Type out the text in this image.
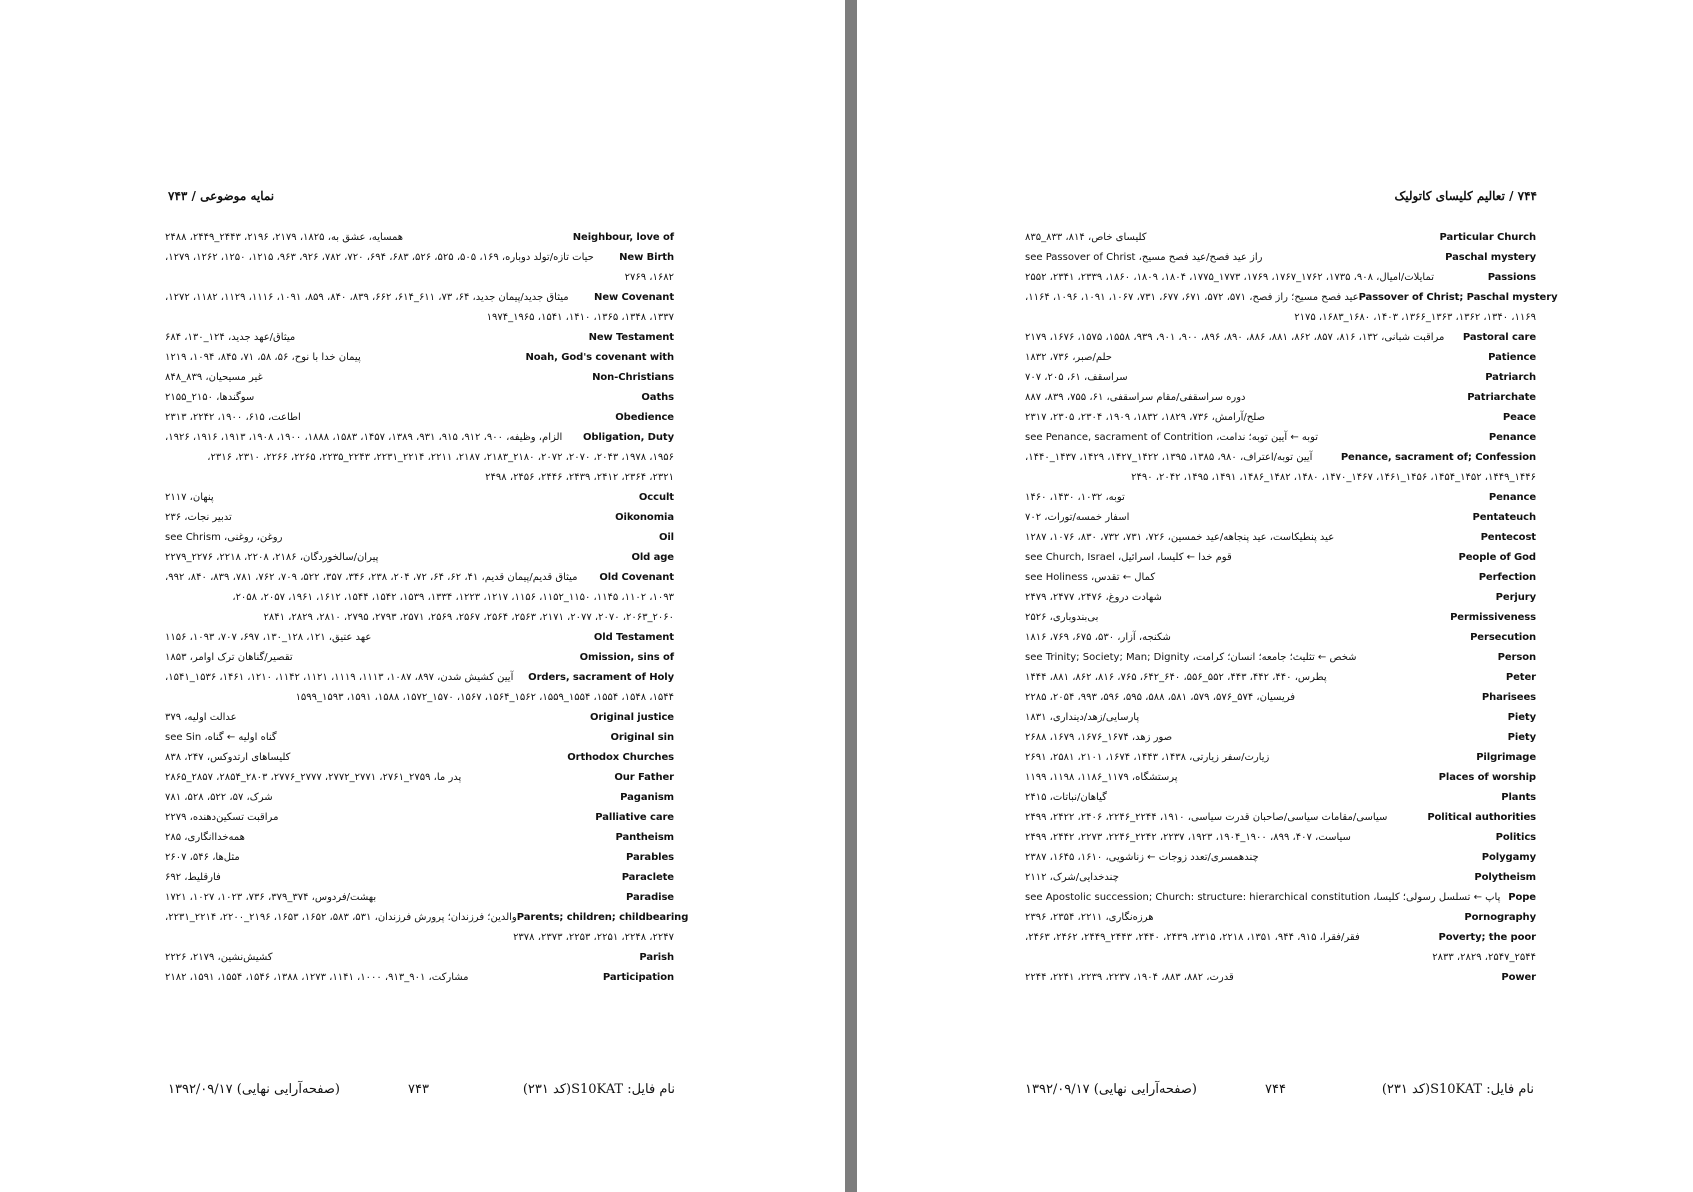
نمایه موضوعی / ۷۴۳
همسایه، عشق به، ۱۸۲۵، ۲۱۷۹، ۲۱۹۶، ۲۴۴۳_۲۴۴۹، ۲۴۸۸	Neighbour, love of
حیات تازه/تولد دوباره، ۱۶۹، ۵۰۵، ۵۲۵، ۵۲۶، ۶۸۳، ۶۹۴، ۷۲۰، ۷۸۲، ۹۲۶، ۹۶۳، ۱۲۱۵، ۱۲۵۰، ۱۲۶۲، ۱۲۷۹،	New Birth
۱۶۸۲، ۲۷۶۹
میثاق جدید/پیمان جدید، ۶۴، ۷۳، ۶۱۱_۶۱۴، ۶۶۲، ۸۳۹، ۸۴۰، ۸۵۹، ۱۰۹۱، ۱۱۱۶، ۱۱۲۹، ۱۱۸۲، ۱۲۷۲،	New Covenant
۱۳۳۷، ۱۳۴۸، ۱۳۶۵، ۱۴۱۰، ۱۵۴۱، ۱۹۶۵_۱۹۷۴
میثاق/عهد جدید، ۱۲۴_۱۳۰، ۶۸۴	New Testament
پیمان خدا با نوح، ۵۶، ۵۸، ۷۱، ۸۴۵، ۱۰۹۴، ۱۲۱۹	Noah, God's covenant with
غیر مسیحیان، ۸۳۹_۸۴۸	Non-Christians
سوگندها، ۲۱۵۰_۲۱۵۵	Oaths
اطاعت، ۶۱۵، ۱۹۰۰، ۲۲۴۲، ۲۳۱۳	Obedience
الزام، وظیفه، ۹۰۰، ۹۱۲، ۹۱۵، ۹۳۱، ۱۳۸۹، ۱۴۵۷، ۱۵۸۳، ۱۸۸۸، ۱۹۰۰، ۱۹۰۸، ۱۹۱۳، ۱۹۱۶، ۱۹۲۶، Obligation, Duty
۱۹۵۶، ۱۹۷۸، ۲۰۴۳، ۲۰۷۰، ۲۰۷۲، ۲۱۸۰_۲۱۸۳، ۲۱۸۷، ۲۲۱۱، ۲۲۱۴_۲۲۳۱، ۲۲۴۳_۲۲۳۵، ۲۲۶۵، ۲۲۶۶، ۲۳۱۰، ۲۳۱۶،
۲۳۲۱، ۲۳۶۴، ۲۴۱۲، ۲۴۳۹، ۲۴۴۶، ۲۴۵۶، ۲۴۹۸
پنهان، ۲۱۱۷	Occult
تدبیر نجات، ۲۳۶	Oikonomia
روغن، روغنی، see Chrism	Oil
پیران/سالخوردگان، ۲۱۸۶، ۲۲۰۸، ۲۲۱۸، ۲۲۷۶_۲۲۷۹	Old age
میثاق قدیم/پیمان قدیم، ۴۱، ۶۲، ۶۴، ۷۲، ۲۰۴، ۲۳۸، ۳۴۶، ۳۵۷، ۵۲۲، ۷۰۹، ۷۶۲، ۷۸۱، ۸۳۹، ۸۴۰، ۹۹۲، Old Covenant
۱۰۹۳، ۱۱۰۲، ۱۱۴۵، ۱۱۵۰_۱۱۵۲، ۱۱۵۶، ۱۲۱۷، ۱۲۲۳، ۱۳۳۴، ۱۵۳۹، ۱۵۴۲، ۱۵۴۴، ۱۶۱۲، ۱۹۶۱، ۲۰۵۷، ۲۰۵۸،
۲۰۶۰_۲۰۶۳، ۲۰۷۰، ۲۰۷۷، ۲۱۷۱، ۲۵۶۳، ۲۵۶۴، ۲۵۶۷، ۲۵۶۹، ۲۵۷۱، ۲۷۹۳، ۲۷۹۵، ۲۸۱۰، ۲۸۲۹، ۲۸۴۱
عهد عتیق، ۱۲۱، ۱۲۸_۱۳۰، ۶۹۷، ۷۰۷، ۱۰۹۳، ۱۱۵۶	Old Testament
تقصیر/گناهان ترک اوامر، ۱۸۵۳	Omission, sins of
آیین کشیش شدن، ۸۹۷، ۱۰۸۷، ۱۱۱۳، ۱۱۱۹، ۱۱۲۱، ۱۱۴۲، ۱۲۱۰، ۱۴۶۱، ۱۵۳۶_۱۵۴۱، Orders, sacrament of Holy
۱۵۴۴، ۱۵۴۸، ۱۵۵۴، ۱۵۵۴_۱۵۵۹، ۱۵۶۲_۱۵۶۴، ۱۵۶۷، ۱۵۷۰_۱۵۷۲، ۱۵۸۸، ۱۵۹۱، ۱۵۹۳_۱۵۹۹
عدالت اولیه، ۳۷۹	Original justice
گناه اولیه ← گناه، see Sin	Original sin
کلیساهای ارتدوکس، ۲۴۷، ۸۳۸	Orthodox Churches
پدر ما، ۲۷۵۹_۲۷۶۱، ۲۷۷۱_۲۷۷۲، ۲۷۷۷_۲۷۷۶، ۲۸۰۳_۲۸۵۴، ۲۸۵۷_۲۸۶۵	Our Father
شرک، ۵۷، ۵۲۲، ۵۲۸، ۷۸۱	Paganism
مراقبت تسکین‌دهنده، ۲۲۷۹	Palliative care
همه‌خداانگاری، ۲۸۵	Pantheism
مثل‌ها، ۵۴۶، ۲۶۰۷	Parables
فارقلیط، ۶۹۲	Paraclete
بهشت/فردوس، ۳۷۴_۳۷۹، ۷۳۶، ۱۰۲۳، ۱۰۲۷، ۱۷۲۱	Paradise
والدین؛ فرزندان؛ پرورش فرزندان، ۵۳۱، ۵۸۳، ۱۶۵۲، ۱۶۵۳، ۲۱۹۶_۲۲۰۰، ۲۲۱۴_۲۲۳۱، Parents; children; childbearing
۲۲۴۷، ۲۲۴۸، ۲۲۵۱، ۲۲۵۳، ۲۳۷۳، ۲۳۷۸
کشیش‌نشین، ۲۱۷۹، ۲۲۲۶	Parish
مشارکت، ۹۰۱_۹۱۳، ۱۰۰۰، ۱۱۴۱، ۱۲۷۳، ۱۳۸۸، ۱۵۴۶، ۱۵۵۴، ۱۵۹۱، ۲۱۸۲	Participation
نام فایل: S10KAT(کد ۲۳۱)
۷۴۳
(صفحه‌آرایی نهایی) ۱۳۹۲/۰۹/۱۷
۷۴۴ / تعالیم کلیسای کاتولیک
کلیسای خاص، ۸۱۴، ۸۳۳_۸۳۵	Particular Church
راز عید فصح/عید فصح مسیح، see Passover of Christ	Paschal mystery
تمایلات/امیال، ۹۰۸، ۱۷۳۵، ۱۷۶۲_۱۷۶۷، ۱۷۶۹، ۱۷۷۳_۱۷۷۵، ۱۸۰۴، ۱۸۰۹، ۱۸۶۰، ۲۳۳۹، ۲۳۴۱، ۲۵۵۲	Passions
عید فصح مسیح؛ راز فصح، ۵۷۱، ۵۷۲، ۶۷۱، ۶۷۷، ۷۳۱، ۱۰۶۷، ۱۰۹۱، ۱۰۹۶، ۱۱۶۴، Passover of Christ; Paschal mystery
۱۱۶۹، ۱۳۴۰، ۱۳۶۲، ۱۳۶۳_۱۳۶۶، ۱۴۰۳، ۱۶۸۰_۱۶۸۳، ۲۱۷۵
مراقبت شبانی، ۱۳۲، ۸۱۶، ۸۵۷، ۸۶۲، ۸۸۱، ۸۸۶، ۸۹۰، ۸۹۶، ۹۰۰، ۹۰۱، ۹۳۹، ۱۵۵۸، ۱۵۷۵، ۱۶۷۶، ۲۱۷۹ Pastoral care
حلم/صبر، ۷۳۶، ۱۸۳۲	Patience
سراسقف، ۶۱، ۲۰۵، ۷۰۷	Patriarch
دوره سراسقفی/مقام سراسقفی، ۶۱، ۷۵۵، ۸۳۹، ۸۸۷	Patriarchate
صلح/آرامش، ۷۳۶، ۱۸۲۹، ۱۸۳۲، ۱۹۰۹، ۲۳۰۴، ۲۳۰۵، ۲۳۱۷	Peace
توبه ← آیین توبه؛ ندامت، see Penance, sacrament of Contrition	Penance
آیین توبه/اعتراف، ۹۸۰، ۱۳۸۵، ۱۳۹۵، ۱۴۲۲_۱۴۲۷، ۱۴۲۹، ۱۴۳۷_۱۴۴۰،	Penance, sacrament of; Confession
۱۴۴۶_۱۴۴۹، ۱۴۵۲_۱۴۵۴، ۱۴۵۶_۱۴۶۱، ۱۴۶۷_۱۴۷۰، ۱۴۸۰، ۱۴۸۲_۱۴۸۶، ۱۴۹۱، ۱۴۹۵، ۲۰۴۲، ۲۴۹۰
توبه، ۱۰۳۲، ۱۴۳۰، ۱۴۶۰	Penance
اسفار خمسه/تورات، ۷۰۲	Pentateuch
عید پنطیکاست، عید پنجاهه/عید خمسین، ۷۲۶، ۷۳۱، ۷۳۲، ۸۳۰، ۱۰۷۶، ۱۲۸۷	Pentecost
قوم خدا ← کلیسا، اسرائیل، see Church, Israel	People of God
کمال ← تقدس، see Holiness	Perfection
شهادت دروغ، ۲۴۷۶، ۲۴۷۷، ۲۴۷۹	Perjury
بی‌بندوباری، ۲۵۲۶	Permissiveness
شکنجه، آزار، ۵۳۰، ۶۷۵، ۷۶۹، ۱۸۱۶	Persecution
شخص ← تثلیث؛ جامعه؛ انسان؛ کرامت، see Trinity; Society; Man; Dignity	Person
پطرس، ۴۴۰، ۴۴۲، ۴۴۳، ۵۵۲_۵۵۶، ۶۴۰_۶۴۲، ۷۶۵، ۸۱۶، ۸۶۲، ۸۸۱، ۱۴۴۴	Peter
فریسیان، ۵۷۴_۵۷۶، ۵۷۹، ۵۸۱، ۵۸۸، ۵۹۵، ۵۹۶، ۹۹۳، ۲۰۵۴، ۲۲۸۵	Pharisees
پارسایی/زهد/دینداری، ۱۸۳۱	Piety
صور زهد، ۱۶۷۴_۱۶۷۶، ۱۶۷۹، ۲۶۸۸	Piety
زیارت/سفر زیارتی، ۱۴۳۸، ۱۴۴۳، ۱۶۷۴، ۲۱۰۱، ۲۵۸۱، ۲۶۹۱	Pilgrimage
پرستشگاه، ۱۱۷۹_۱۱۸۶، ۱۱۹۸، ۱۱۹۹	Places of worship
گیاهان/نباتات، ۲۴۱۵	Plants
سیاسی/مقامات سیاسی/صاحبان قدرت سیاسی، ۱۹۱۰، ۲۲۴۴_۲۲۴۶، ۲۴۰۶، ۲۴۲۲، ۲۴۹۹	Political authorities
سیاست، ۴۰۷، ۸۹۹، ۱۹۰۰_۱۹۰۴، ۱۹۲۳، ۲۲۳۷، ۲۲۴۲_۲۲۴۶، ۲۲۷۳، ۲۴۴۲، ۲۴۹۹	Politics
چندهمسری/تعدد زوجات ← زناشویی، ۱۶۱۰، ۱۶۴۵، ۲۳۸۷	Polygamy
چندخدایی/شرک، ۲۱۱۲	Polytheism
پاپ ← تسلسل رسولی؛ کلیسا، see Apostolic succession; Church: structure: hierarchical constitution Pope
هرزه‌نگاری، ۲۲۱۱، ۲۳۵۴، ۲۳۹۶	Pornography
فقر/فقرا، ۹۱۵، ۹۴۴، ۱۳۵۱، ۲۲۱۸، ۲۳۱۵، ۲۴۳۹، ۲۴۴۰، ۲۴۴۳_۲۴۴۹، ۲۴۶۲، ۲۴۶۳،	Poverty; the poor
۲۵۴۴_۲۵۴۷، ۲۸۲۹، ۲۸۳۳
قدرت، ۸۸۲، ۸۸۳، ۱۹۰۴، ۲۲۳۷، ۲۲۳۹، ۲۲۴۱، ۲۲۴۴	Power
نام فایل: S10KAT(کد ۲۳۱)
۷۴۴
(صفحه‌آرایی نهایی) ۱۳۹۲/۰۹/۱۷
